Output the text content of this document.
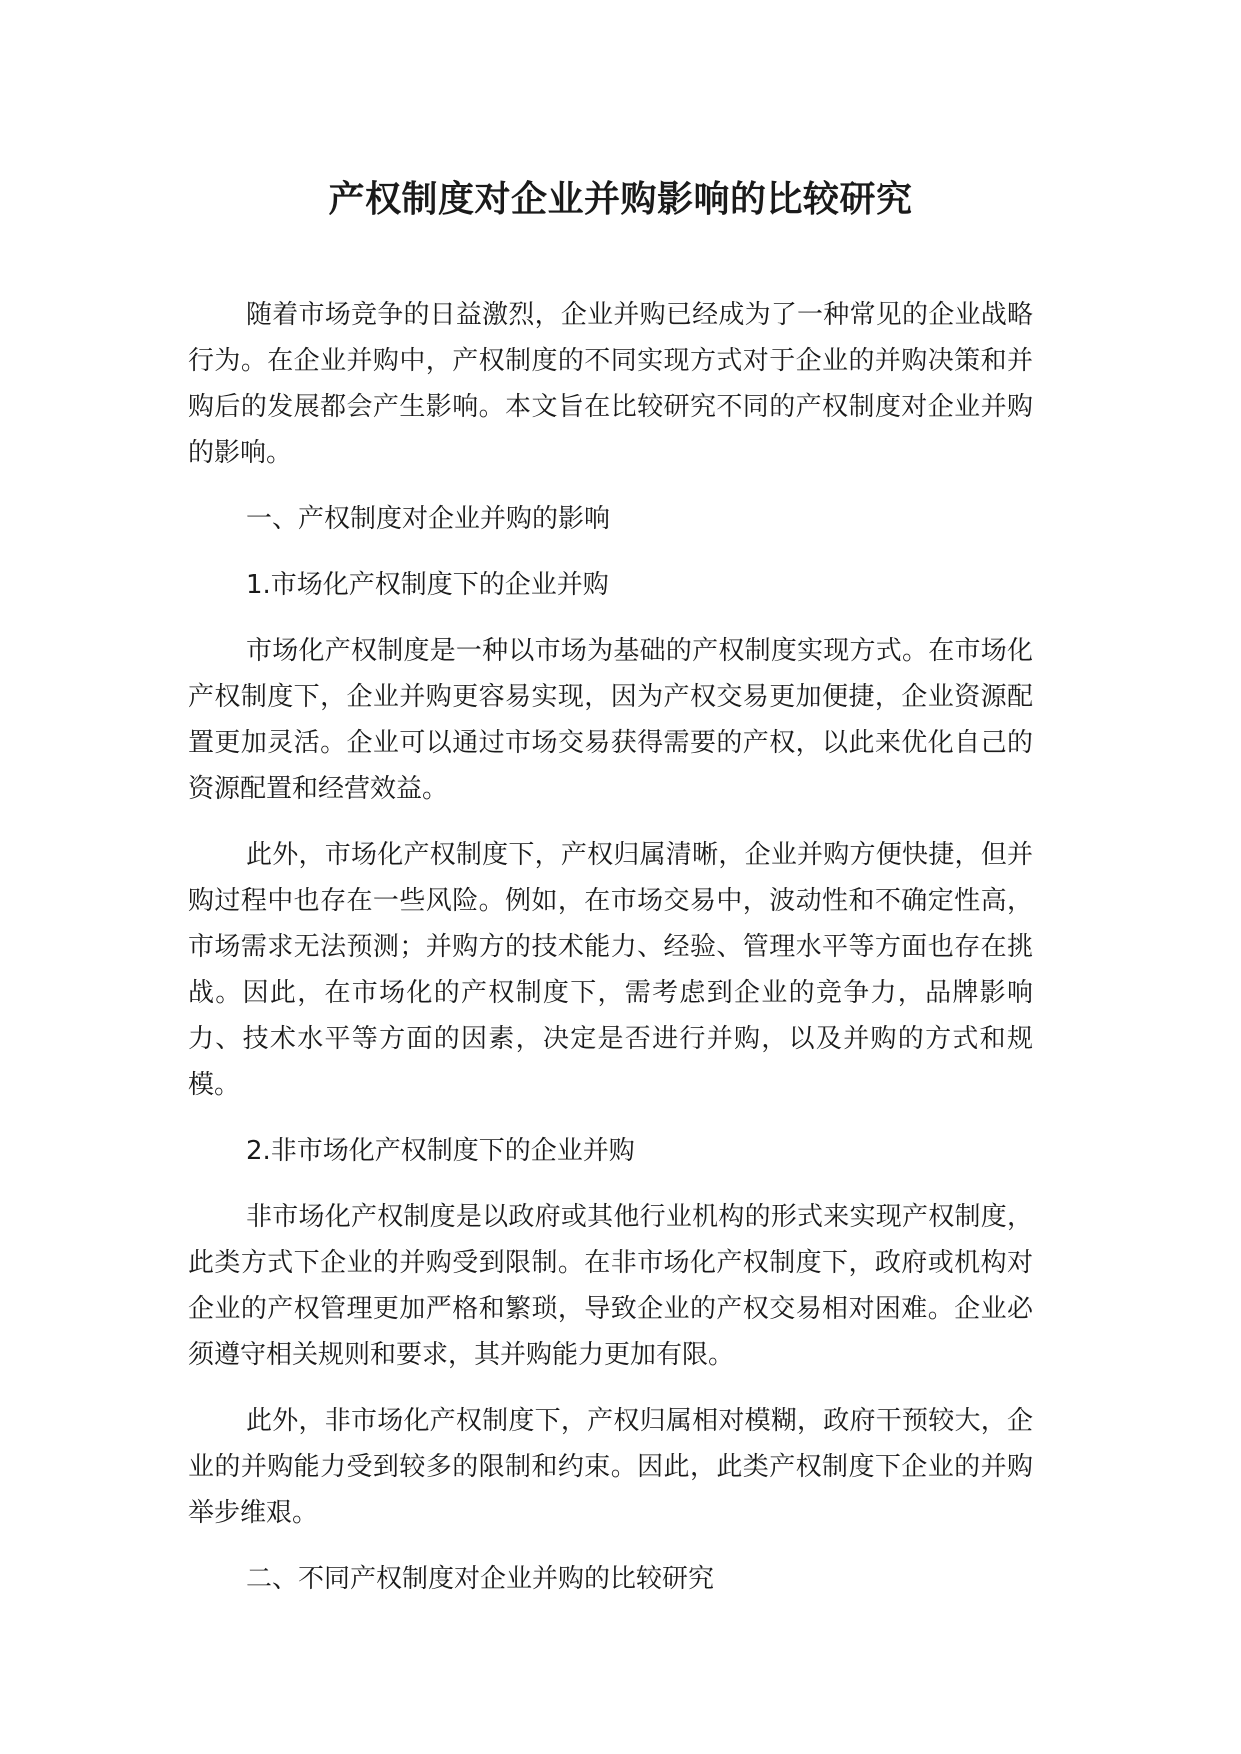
产权制度对企业并购影响的比较研究

随着市场竞争的日益激烈，企业并购已经成为了一种常见的企业战略行为。在企业并购中，产权制度的不同实现方式对于企业的并购决策和并购后的发展都会产生影响。本文旨在比较研究不同的产权制度对企业并购的影响。

一、产权制度对企业并购的影响

1.市场化产权制度下的企业并购

市场化产权制度是一种以市场为基础的产权制度实现方式。在市场化产权制度下，企业并购更容易实现，因为产权交易更加便捷，企业资源配置更加灵活。企业可以通过市场交易获得需要的产权，以此来优化自己的资源配置和经营效益。

此外，市场化产权制度下，产权归属清晰，企业并购方便快捷，但并购过程中也存在一些风险。例如，在市场交易中，波动性和不确定性高，市场需求无法预测；并购方的技术能力、经验、管理水平等方面也存在挑战。因此，在市场化的产权制度下，需考虑到企业的竞争力，品牌影响力、技术水平等方面的因素，决定是否进行并购，以及并购的方式和规模。

2.非市场化产权制度下的企业并购

非市场化产权制度是以政府或其他行业机构的形式来实现产权制度，此类方式下企业的并购受到限制。在非市场化产权制度下，政府或机构对企业的产权管理更加严格和繁琐，导致企业的产权交易相对困难。企业必须遵守相关规则和要求，其并购能力更加有限。

此外，非市场化产权制度下，产权归属相对模糊，政府干预较大，企业的并购能力受到较多的限制和约束。因此，此类产权制度下企业的并购举步维艰。

二、不同产权制度对企业并购的比较研究
